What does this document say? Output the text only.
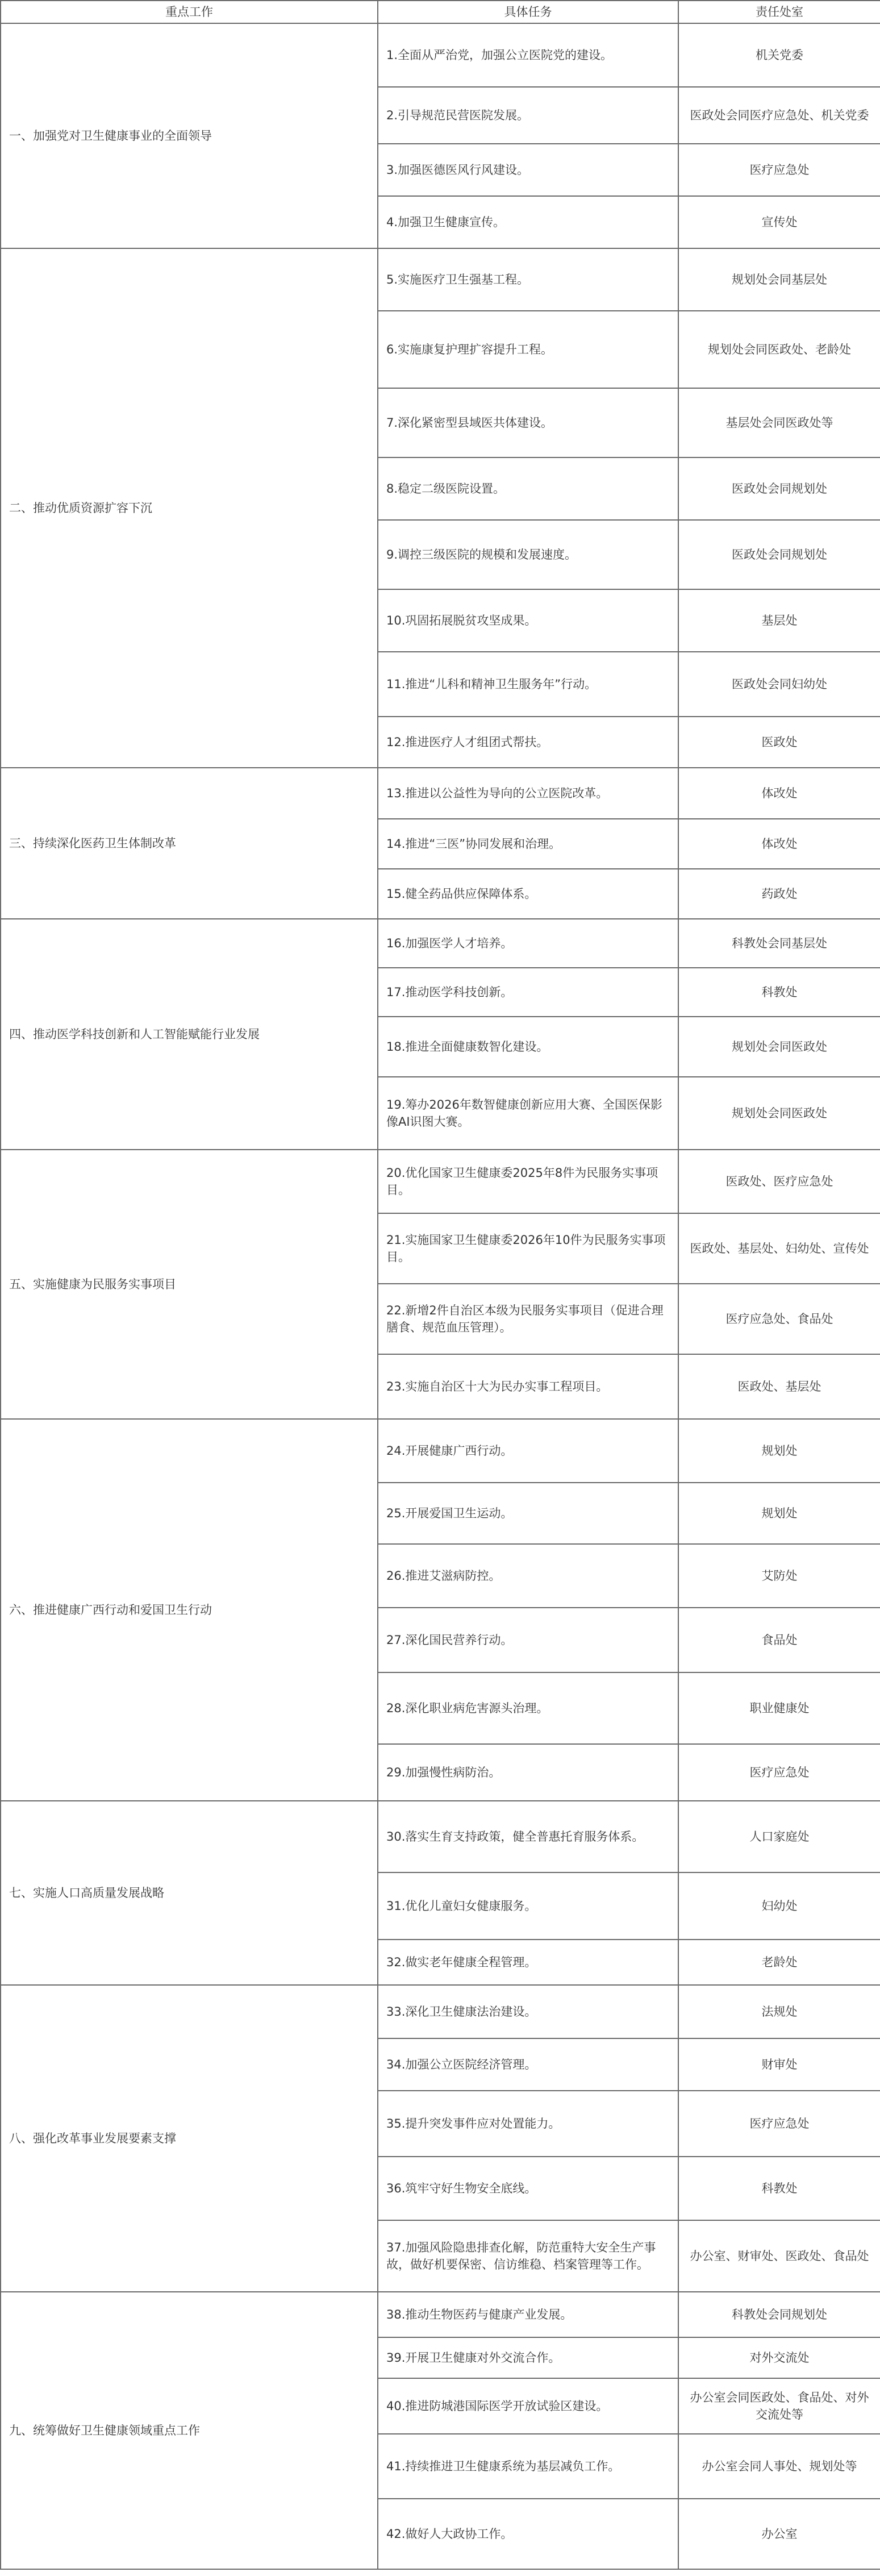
重点工作	具体任务	责任处室
一、加强党对卫生健康事业的全面领导	1.全面从严治党，加强公立医院党的建设。	机关党委
	2.引导规范民营医院发展。	医政处会同医疗应急处、机关党委
	3.加强医德医风行风建设。	医疗应急处
	4.加强卫生健康宣传。	宣传处
二、推动优质资源扩容下沉	5.实施医疗卫生强基工程。	规划处会同基层处
	6.实施康复护理扩容提升工程。	规划处会同医政处、老龄处
	7.深化紧密型县域医共体建设。	基层处会同医政处等
	8.稳定二级医院设置。	医政处会同规划处
	9.调控三级医院的规模和发展速度。	医政处会同规划处
	10.巩固拓展脱贫攻坚成果。	基层处
	11.推进“儿科和精神卫生服务年”行动。	医政处会同妇幼处
	12.推进医疗人才组团式帮扶。	医政处
三、持续深化医药卫生体制改革	13.推进以公益性为导向的公立医院改革。	体改处
	14.推进“三医”协同发展和治理。	体改处
	15.健全药品供应保障体系。	药政处
四、推动医学科技创新和人工智能赋能行业发展	16.加强医学人才培养。	科教处会同基层处
	17.推动医学科技创新。	科教处
	18.推进全面健康数智化建设。	规划处会同医政处
	19.筹办2026年数智健康创新应用大赛、全国医保影像AI识图大赛。	规划处会同医政处
五、实施健康为民服务实事项目	20.优化国家卫生健康委2025年8件为民服务实事项目。	医政处、医疗应急处
	21.实施国家卫生健康委2026年10件为民服务实事项目。	医政处、基层处、妇幼处、宣传处
	22.新增2件自治区本级为民服务实事项目（促进合理膳食、规范血压管理）。	医疗应急处、食品处
	23.实施自治区十大为民办实事工程项目。	医政处、基层处
六、推进健康广西行动和爱国卫生行动	24.开展健康广西行动。	规划处
	25.开展爱国卫生运动。	规划处
	26.推进艾滋病防控。	艾防处
	27.深化国民营养行动。	食品处
	28.深化职业病危害源头治理。	职业健康处
	29.加强慢性病防治。	医疗应急处
七、实施人口高质量发展战略	30.落实生育支持政策，健全普惠托育服务体系。	人口家庭处
	31.优化儿童妇女健康服务。	妇幼处
	32.做实老年健康全程管理。	老龄处
八、强化改革事业发展要素支撑	33.深化卫生健康法治建设。	法规处
	34.加强公立医院经济管理。	财审处
	35.提升突发事件应对处置能力。	医疗应急处
	36.筑牢守好生物安全底线。	科教处
	37.加强风险隐患排查化解，防范重特大安全生产事故，做好机要保密、信访维稳、档案管理等工作。	办公室、财审处、医政处、食品处
九、统筹做好卫生健康领域重点工作	38.推动生物医药与健康产业发展。	科教处会同规划处
	39.开展卫生健康对外交流合作。	对外交流处
	40.推进防城港国际医学开放试验区建设。	办公室会同医政处、食品处、对外交流处等
	41.持续推进卫生健康系统为基层减负工作。	办公室会同人事处、规划处等
	42.做好人大政协工作。	办公室
